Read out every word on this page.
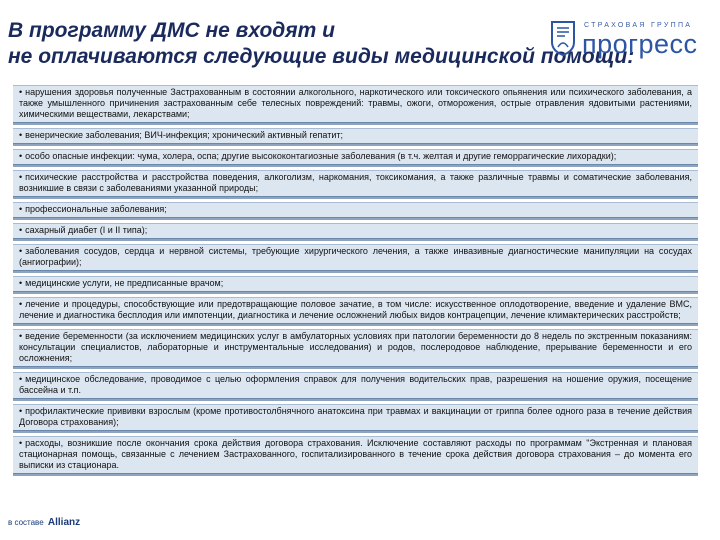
В программу ДМС не входят и
не оплачиваются следующие виды медицинской помощи:
СТРАХОВАЯ ГРУППА
прогресс
• нарушения здоровья полученные Застрахованным в состоянии алкогольного, наркотического или токсического опьянения или психического заболевания, а также умышленного причинения застрахованным себе телесных повреждений: травмы, ожоги, отморожения, острые отравления ядовитыми растениями, химическими веществами, лекарствами;
• венерические заболевания; ВИЧ-инфекция; хронический активный гепатит;
• особо опасные инфекции: чума, холера, оспа; другие высококонтагиозные заболевания (в т.ч. желтая и другие геморрагические лихорадки);
• психические расстройства и расстройства поведения, алкоголизм, наркомания, токсикомания, а также различные травмы и соматические заболевания, возникшие в связи с заболеваниями указанной природы;
• профессиональные заболевания;
• сахарный диабет (I и II типа);
• заболевания сосудов, сердца и нервной системы, требующие хирургического лечения, а также инвазивные диагностические манипуляции на сосудах (ангиографии);
• медицинские услуги, не предписанные врачом;
• лечение и процедуры, способствующие или предотвращающие половое зачатие, в том числе: искусственное оплодотворение, введение и удаление ВМС, лечение и диагностика бесплодия или импотенции, диагностика и лечение осложнений любых видов контрацепции, лечение климактерических расстройств;
• ведение беременности (за исключением медицинских услуг в амбулаторных условиях при патологии беременности до 8 недель по экстренным показаниям: консультации специалистов, лабораторные и инструментальные исследования) и родов, послеродовое наблюдение, прерывание беременности и его осложнения;
• медицинское обследование, проводимое с целью оформления справок для получения водительских прав, разрешения на ношение оружия, посещение бассейна и т.п.
• профилактические прививки взрослым (кроме противостолбнячного анатоксина при травмах и вакцинации от гриппа более одного раза в течение действия Договора страхования);
• расходы, возникшие после окончания срока действия договора страхования. Исключение составляют расходы по программам "Экстренная и плановая стационарная помощь, связанные с лечением Застрахованного, госпитализированного в течение срока действия договора страхования – до момента его выписки из стационара.
в составе Allianz
